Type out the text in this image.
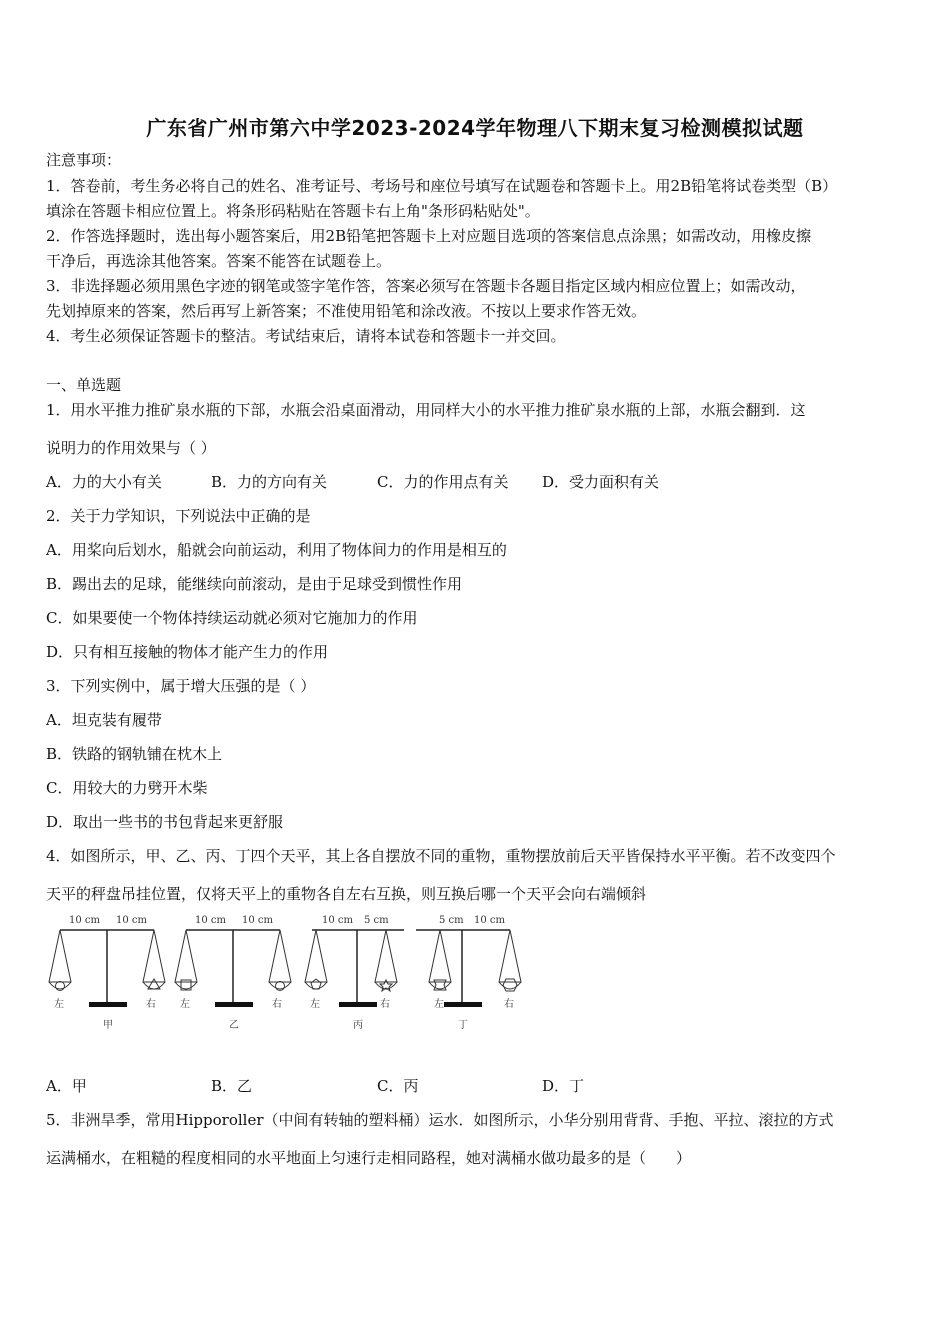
广东省广州市第六中学2023-2024学年物理八下期末复习检测模拟试题
注意事项：
1．答卷前，考生务必将自己的姓名、准考证号、考场号和座位号填写在试题卷和答题卡上。用2B铅笔将试卷类型（B）
填涂在答题卡相应位置上。将条形码粘贴在答题卡右上角"条形码粘贴处"。
2．作答选择题时，选出每小题答案后，用2B铅笔把答题卡上对应题目选项的答案信息点涂黑；如需改动，用橡皮擦
干净后，再选涂其他答案。答案不能答在试题卷上。
3．非选择题必须用黑色字迹的钢笔或签字笔作答，答案必须写在答题卡各题目指定区域内相应位置上；如需改动，
先划掉原来的答案，然后再写上新答案；不准使用铅笔和涂改液。不按以上要求作答无效。
4．考生必须保证答题卡的整洁。考试结束后，请将本试卷和答题卡一并交回。
一、单选题
1．用水平推力推矿泉水瓶的下部，水瓶会沿桌面滑动，用同样大小的水平推力推矿泉水瓶的上部，水瓶会翻到．这
说明力的作用效果与（ ）
A．力的大小有关	B．力的方向有关	C．力的作用点有关 D．受力面积有关
2．关于力学知识，下列说法中正确的是
A．用桨向后划水，船就会向前运动，利用了物体间力的作用是相互的
B．踢出去的足球，能继续向前滚动，是由于足球受到惯性作用
C．如果要使一个物体持续运动就必须对它施加力的作用
D．只有相互接触的物体才能产生力的作用
3．下列实例中，属于增大压强的是（ ）
A．坦克装有履带
B．铁路的钢轨铺在枕木上
C．用较大的力劈开木柴
D．取出一些书的书包背起来更舒服
4．如图所示，甲、乙、丙、丁四个天平，其上各自摆放不同的重物，重物摆放前后天平皆保持水平平衡。若不改变四个
天平的秤盘吊挂位置，仅将天平上的重物各自左右互换，则互换后哪一个天平会向右端倾斜
10 cm 10 cm
左	右
甲
10 cm 10 cm
左	右
乙
10 cm 5 cm
左	右
丙
5 cm 10 cm
左	右
丁
A．甲	B．乙	C．丙	D．丁
5．非洲旱季，常用Hipporoller（中间有转轴的塑料桶）运水．如图所示，小华分别用背背、手抱、平拉、滚拉的方式
运满桶水，在粗糙的程度相同的水平地面上匀速行走相同路程，她对满桶水做功最多的是（　　）
